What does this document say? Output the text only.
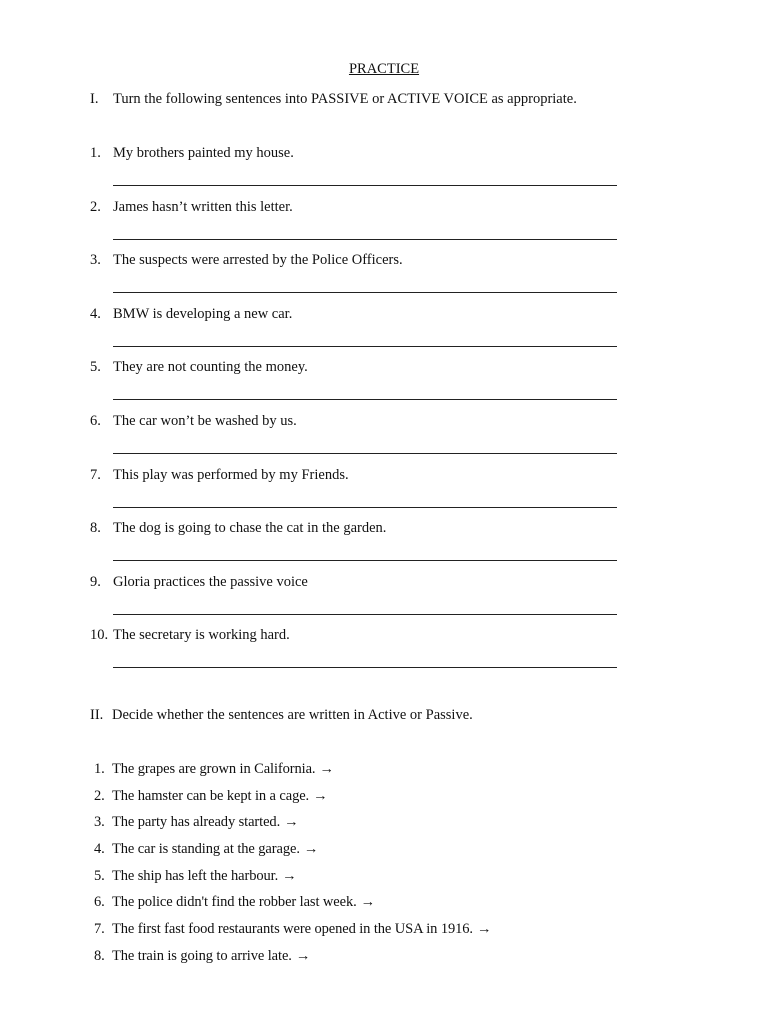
PRACTICE
I. Turn the following sentences into PASSIVE or ACTIVE VOICE as appropriate.
1. My brothers painted my house.
2. James hasn’t written this letter.
3. The suspects were arrested by the Police Officers.
4. BMW is developing a new car.
5. They are not counting the money.
6. The car won’t be washed by us.
7. This play was performed by my Friends.
8. The dog is going to chase the cat in the garden.
9. Gloria practices the passive voice
10. The secretary is working hard.
II. Decide whether the sentences are written in Active or Passive.
1. The grapes are grown in California. →
2. The hamster can be kept in a cage. →
3. The party has already started. →
4. The car is standing at the garage. →
5. The ship has left the harbour. →
6. The police didn't find the robber last week. →
7. The first fast food restaurants were opened in the USA in 1916. →
8. The train is going to arrive late. →
